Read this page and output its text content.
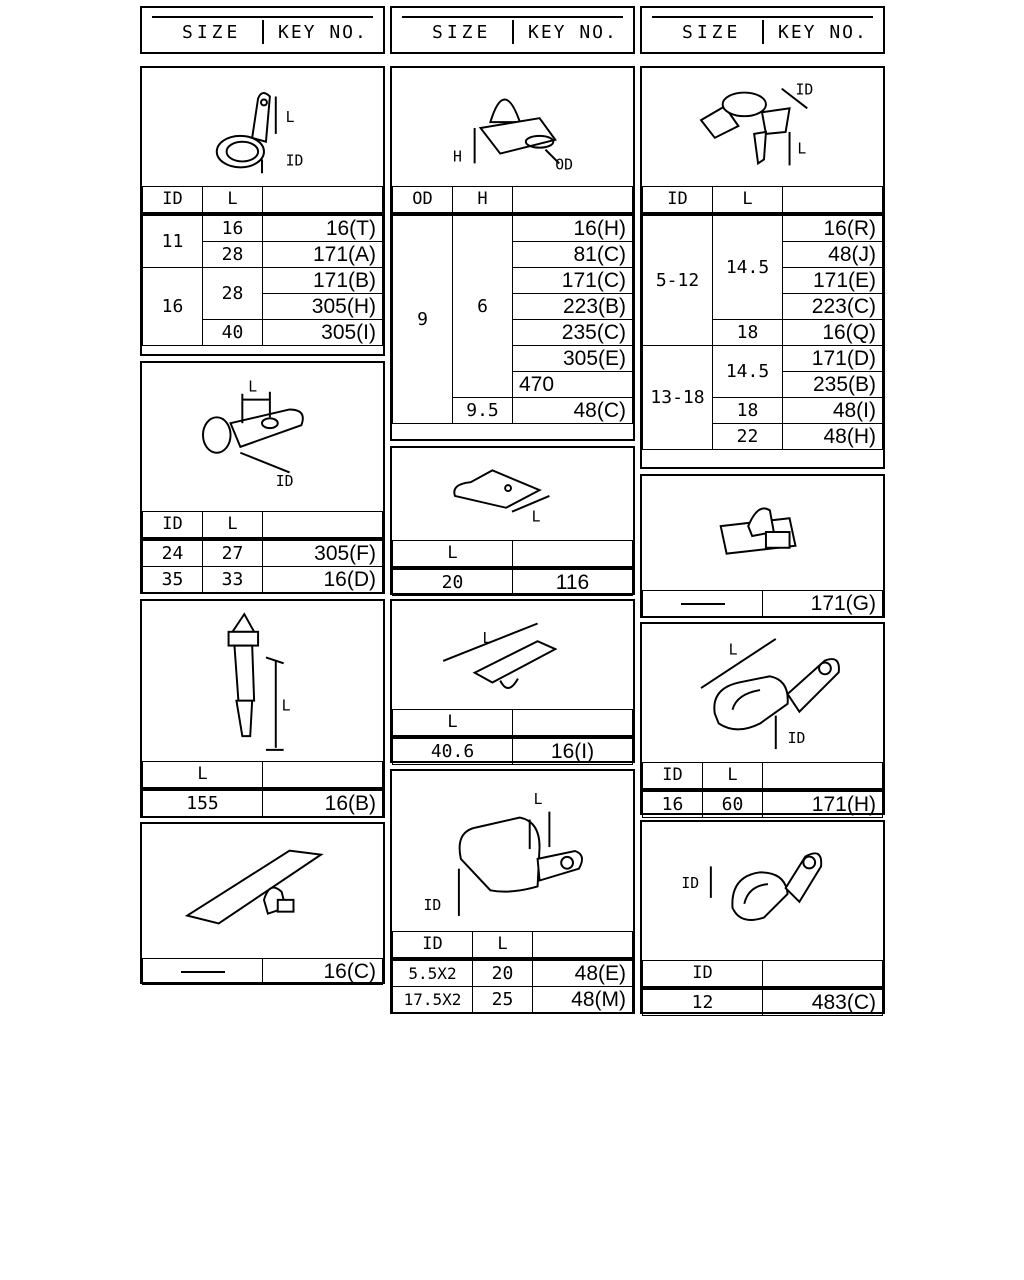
SIZE KEY NO.	SIZE KEY NO.	SIZE KEY NO.
L
ID
ID	L	
11	16	16(T)
	28	171(A)
16	28	171(B)
		305(H)
	40	305(I)
L
ID
ID	L	
24	27	305(F)
35	33	16(D)
L
L	
155	16(B)
	16(C)
H	OD
OD	H	
9	6	16(H)
		81(C)
		171(C)
		223(B)
		235(C)
		305(E)
		470
	9.5	48(C)
L
L	
20	116
L
L	
40.6	16(I)
L
ID
ID	L	
5.5X2	20	48(E)
17.5X2	25	48(M)
ID
L
ID	L	
5-12	14.5	16(R)
		48(J)
		171(E)
		223(C)
	18	16(Q)
13-18	14.5	171(D)
		235(B)
	18	48(I)
	22	48(H)
	171(G)
L
ID
ID	L	
16	60	171(H)
ID
ID	
12	483(C)
